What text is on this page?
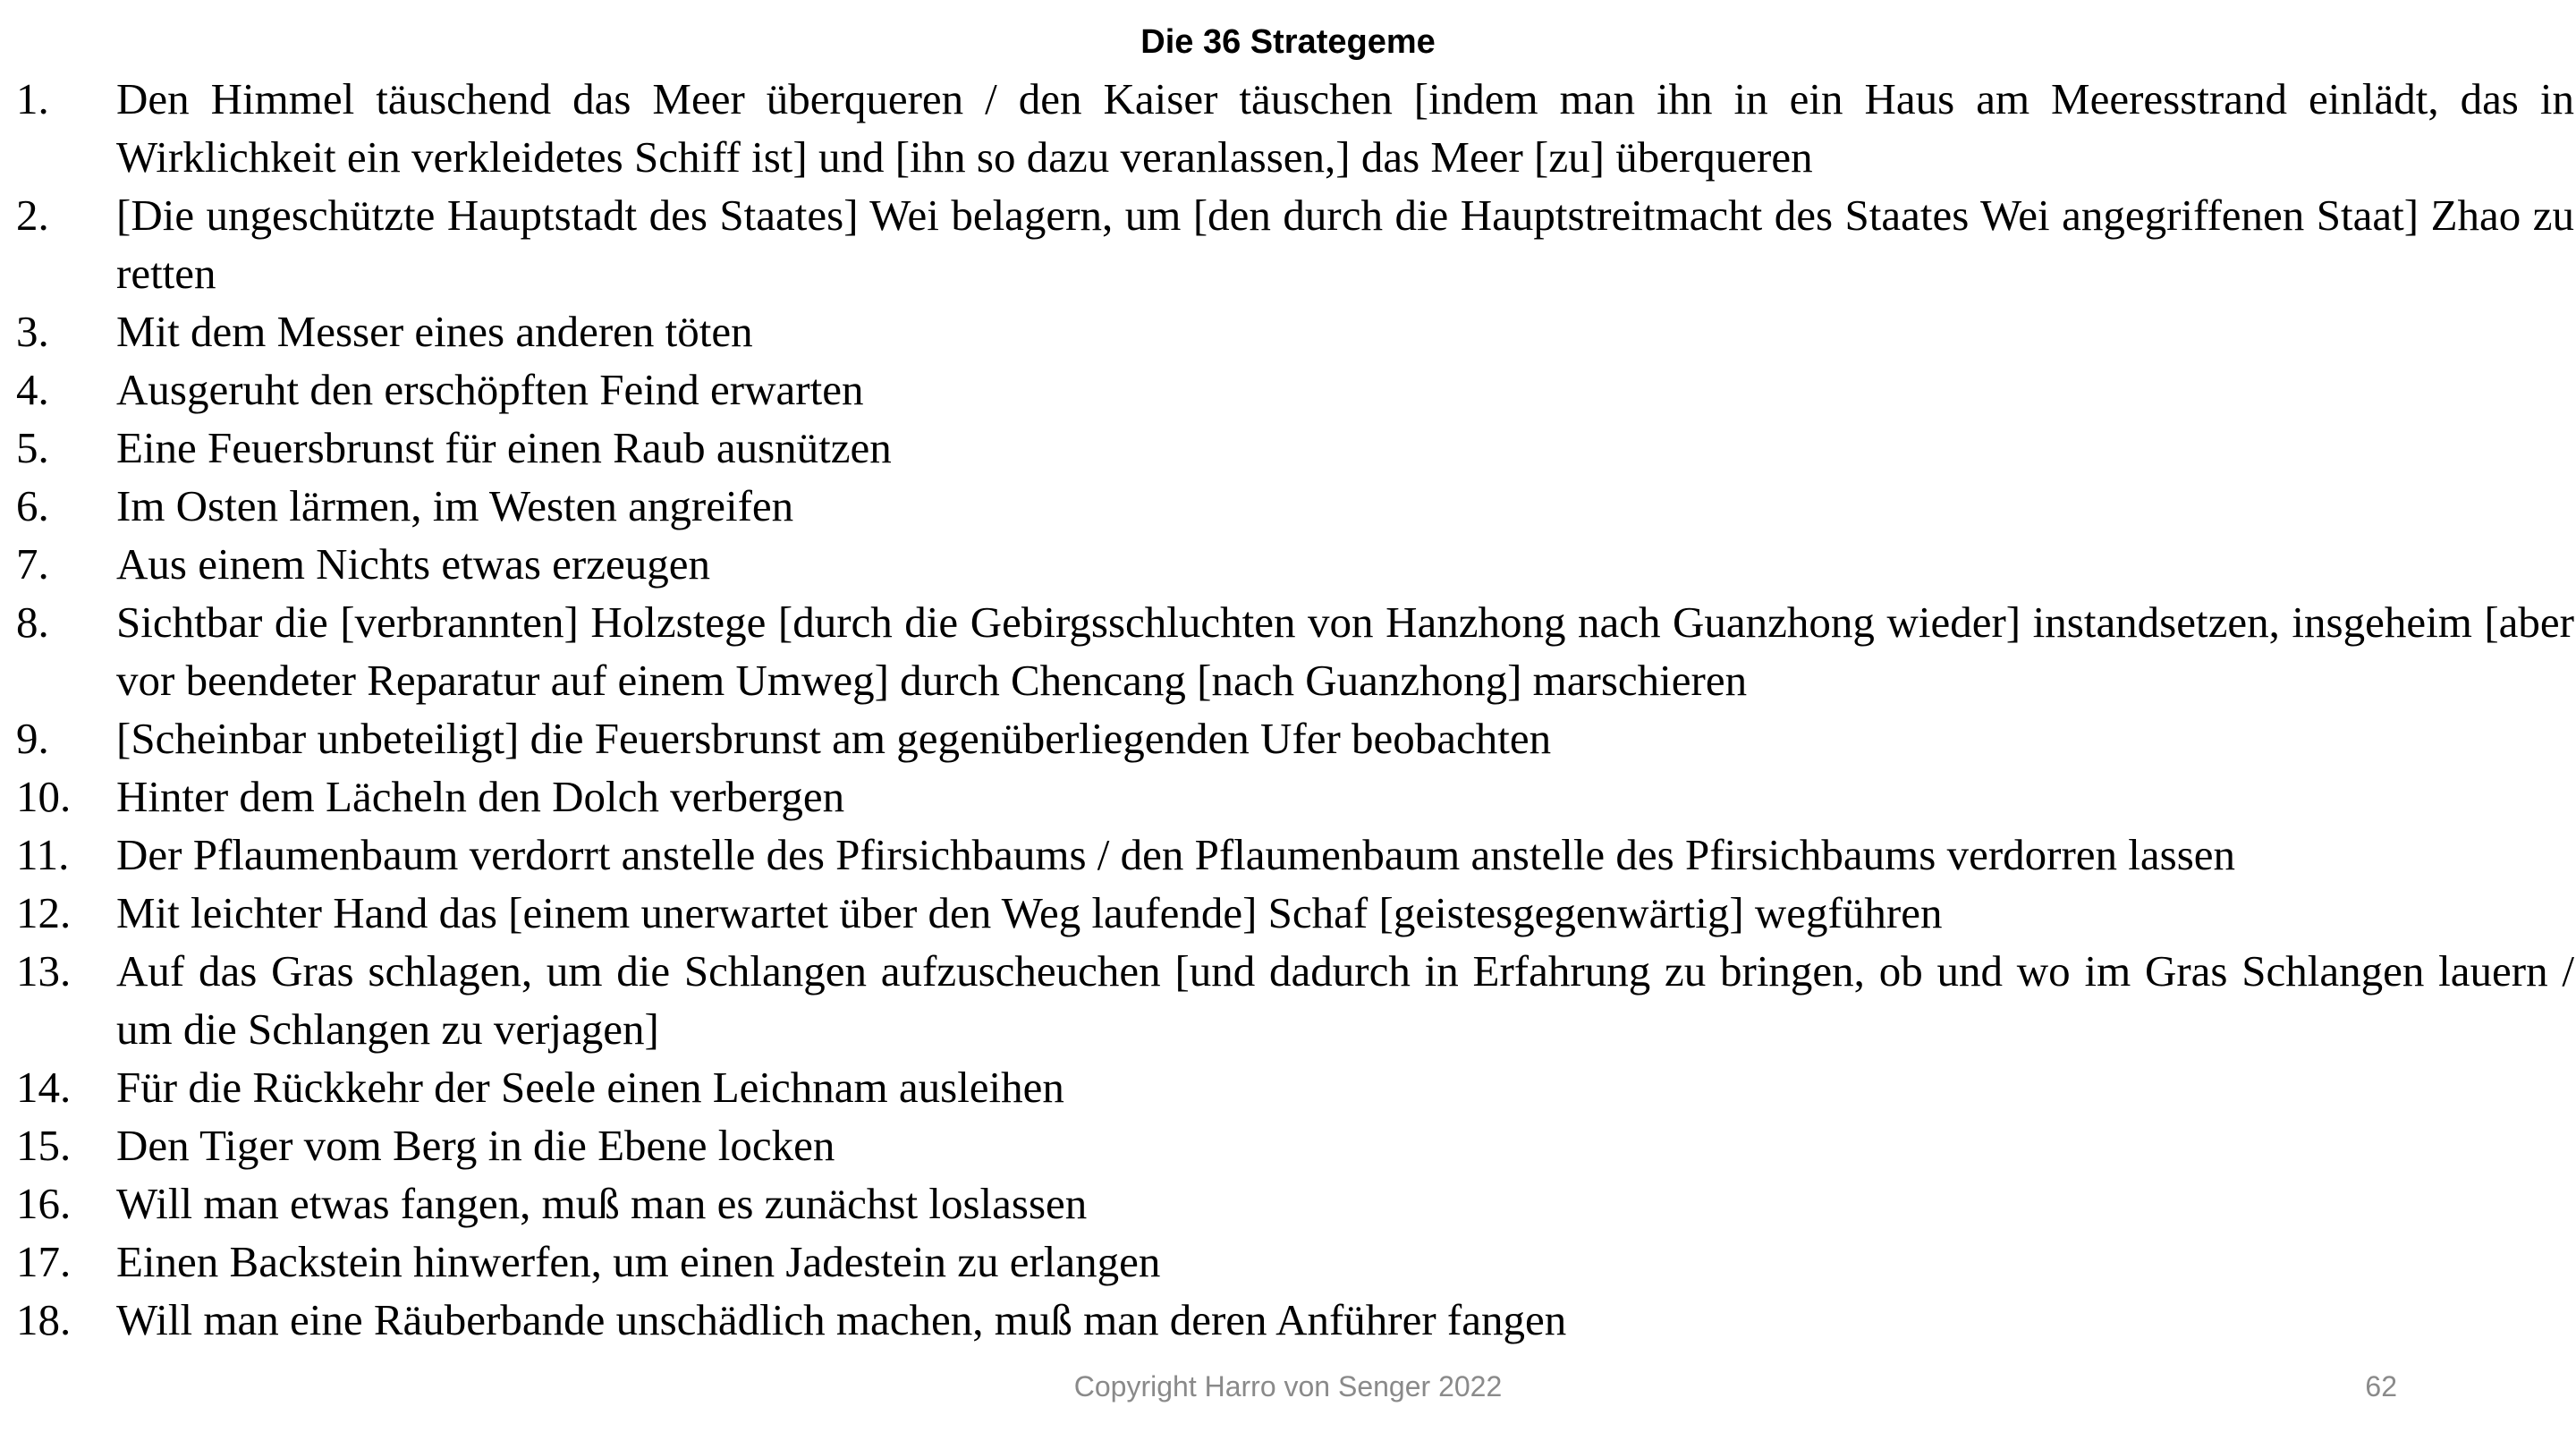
Die 36 Strategeme
1.	Den Himmel täuschend das Meer überqueren / den Kaiser täuschen [indem man ihn in ein Haus am Meeresstrand einlädt, das in Wirklichkeit ein verkleidetes Schiff ist] und [ihn so dazu veranlassen,] das Meer [zu] überqueren
2.	[Die ungeschützte Hauptstadt des Staates] Wei belagern, um [den durch die Hauptstreitmacht des Staates Wei angegriffenen Staat] Zhao zu retten
3.	Mit dem Messer eines anderen töten
4.	Ausgeruht den erschöpften Feind erwarten
5.	Eine Feuersbrunst für einen Raub ausnützen
6.	Im Osten lärmen, im Westen angreifen
7.	Aus einem Nichts etwas erzeugen
8.	Sichtbar die [verbrannten] Holzstege [durch die Gebirgsschluchten von Hanzhong nach Guanzhong wieder] instandsetzen, insgeheim [aber vor beendeter Reparatur auf einem Umweg] durch Chencang [nach Guanzhong] marschieren
9.	[Scheinbar unbeteiligt] die Feuersbrunst am gegenüberliegenden Ufer beobachten
10.	Hinter dem Lächeln den Dolch verbergen
11.	Der Pflaumenbaum verdorrt anstelle des Pfirsichbaums / den Pflaumenbaum anstelle des Pfirsichbaums verdorren lassen
12.	Mit leichter Hand das [einem unerwartet über den Weg laufende] Schaf [geistesgegenwärtig] wegführen
13.	Auf das Gras schlagen, um die Schlangen aufzuscheuchen [und dadurch in Erfahrung zu bringen, ob und wo im Gras Schlangen lauern / um die Schlangen zu verjagen]
14.	Für die Rückkehr der Seele einen Leichnam ausleihen
15.	Den Tiger vom Berg in die Ebene locken
16.	Will man etwas fangen, muß man es zunächst loslassen
17.	Einen Backstein hinwerfen, um einen Jadestein zu erlangen
18.	Will man eine Räuberbande unschädlich machen, muß man deren Anführer fangen
Copyright Harro von Senger 2022	62
